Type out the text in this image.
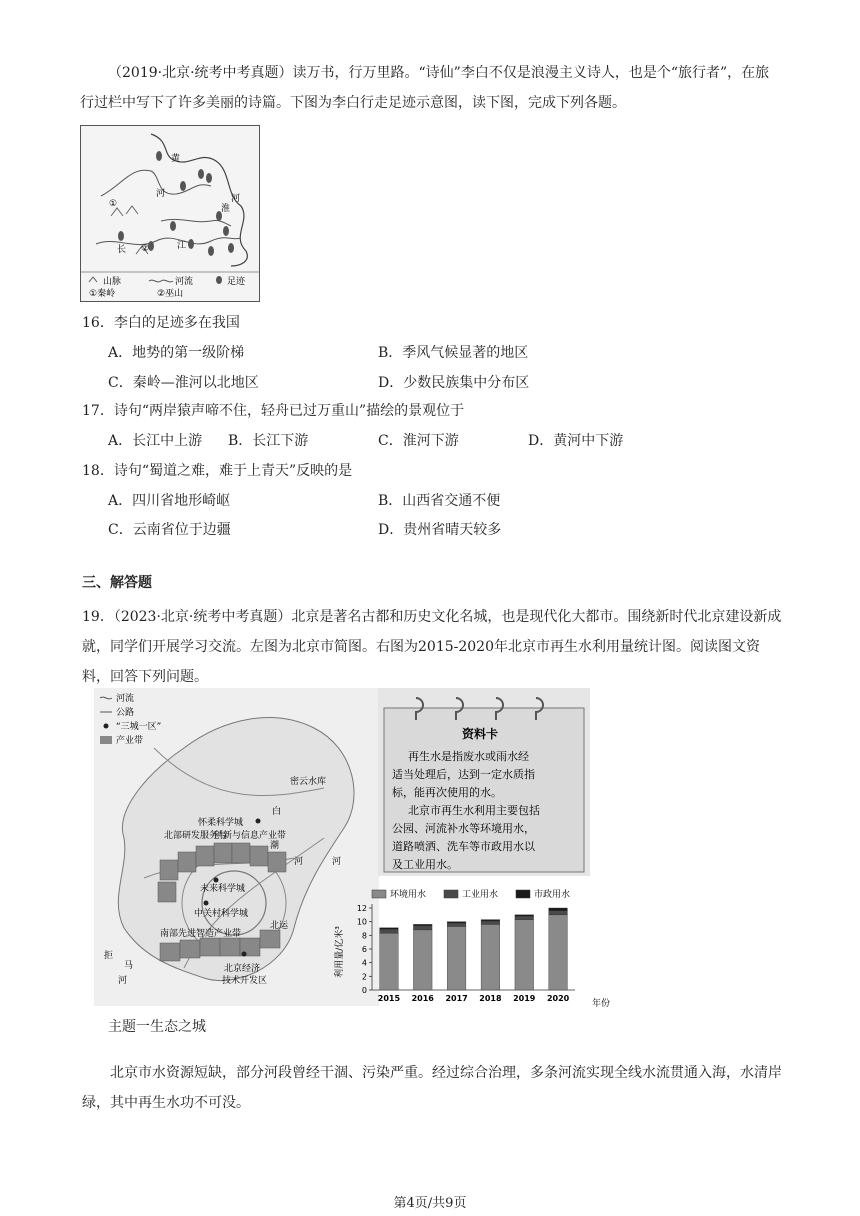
（2019·北京·统考中考真题）读万书，行万里路。“诗仙”李白不仅是浪漫主义诗人，也是个“旅行者”，在旅行过栏中写下了许多美丽的诗篇。下图为李白行走足迹示意图，读下图，完成下列各题。

黄
河
淮
河
长	江
①
②
山脉	河流	足迹
①秦岭	②巫山
16．李白的足迹多在我国
A．地势的第一级阶梯	B．季风气候显著的地区
C．秦岭—淮河以北地区	D．少数民族集中分布区
17．诗句“两岸猿声啼不住，轻舟已过万重山”描绘的景观位于
A．长江中上游 B．长江下游	C．淮河下游	D．黄河中下游
18．诗句“蜀道之难，难于上青天”反映的是
A．四川省地形崎岖	B．山西省交通不便
C．云南省位于边疆	D．贵州省晴天较多
三、解答题

19．（2023·北京·统考中考真题）北京是著名古都和历史文化名城，也是现代化大都市。围绕新时代北京建设新成就，同学们开展学习交流。左图为北京市简图。右图为2015-2020年北京市再生水利用量统计图。阅读图文资料，回答下列问题。

河流
公路
“三城一区”
产业带
怀柔科学城
未来科学城
中关村科学城
北京经济
技术开发区
密云水库
白
潮
河	河
北运
拒
马
河
北部研发服务与
创新与信息产业带
南部先进智造产业带
资料卡
再生水是指废水或雨水经
适当处理后，达到一定水质指
标，能再次使用的水。
北京市再生水利用主要包括
公园、河流补水等环境用水，
道路喷洒、洗车等市政用水以
及工业用水。
环境用水	工业用水	市政用水
利用量/亿米³
0
2
4
6
8
10
12
2015 2016 2017 2018 2019 2020
年份
主题一生态之城

北京市水资源短缺，部分河段曾经干涸、污染严重。经过综合治理，多条河流实现全线水流贯通入海，水清岸绿，其中再生水功不可没。

第4页/共9页
